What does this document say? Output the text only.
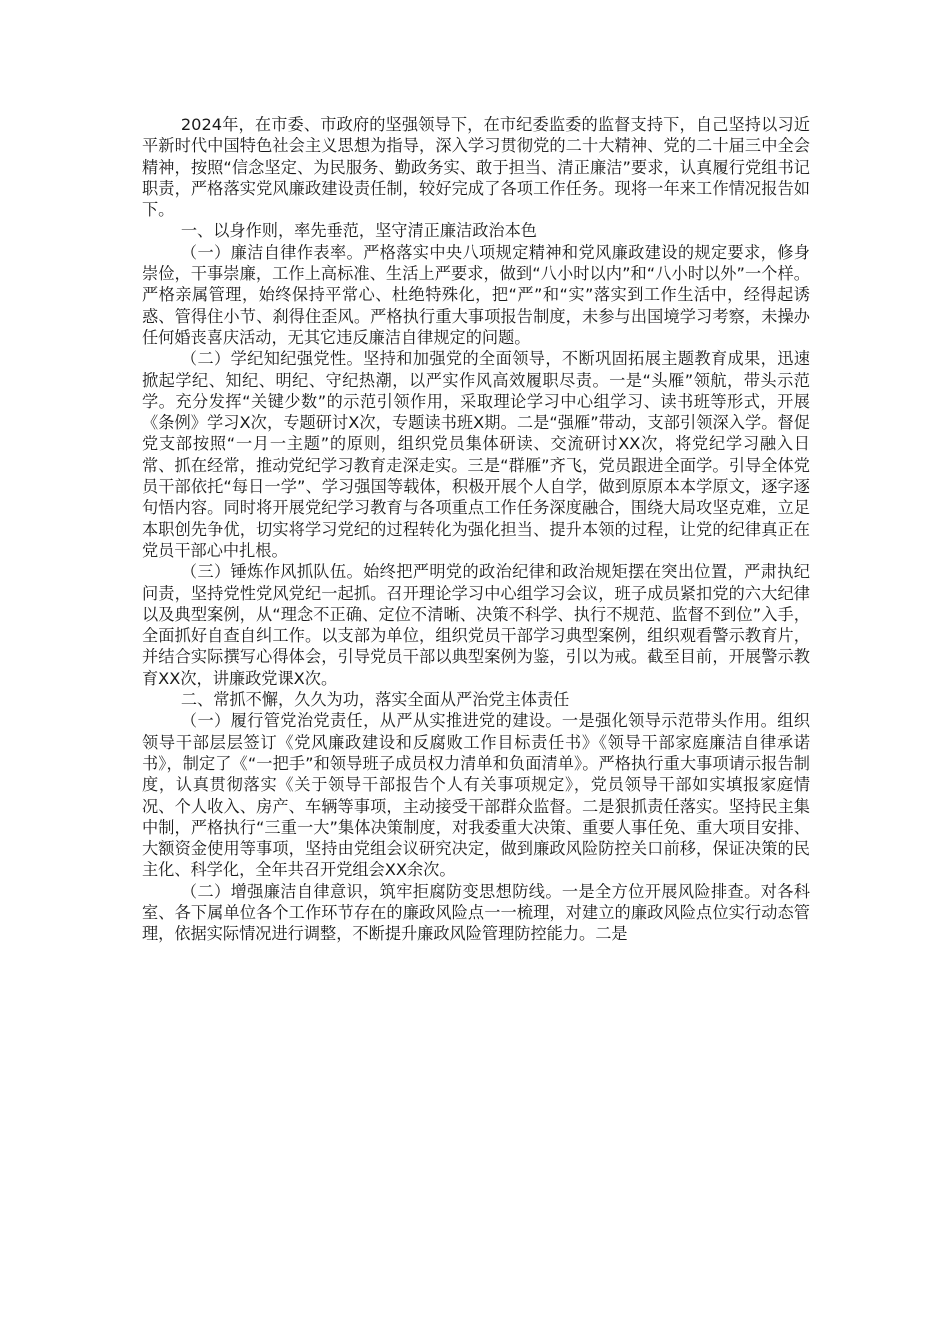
2024年，在市委、市政府的坚强领导下，在市纪委监委的监督支持下，自己坚持以习近平新时代中国特色社会主义思想为指导，深入学习贯彻党的二十大精神、党的二十届三中全会精神，按照“信念坚定、为民服务、勤政务实、敢于担当、清正廉洁”要求，认真履行党组书记职责，严格落实党风廉政建设责任制，较好完成了各项工作任务。现将一年来工作情况报告如下。

一、以身作则，率先垂范，坚守清正廉洁政治本色

（一）廉洁自律作表率。严格落实中央八项规定精神和党风廉政建设的规定要求，修身崇俭，干事崇廉，工作上高标准、生活上严要求，做到“八小时以内”和“八小时以外”一个样。严格亲属管理，始终保持平常心、杜绝特殊化，把“严”和“实”落实到工作生活中，经得起诱惑、管得住小节、刹得住歪风。严格执行重大事项报告制度，未参与出国境学习考察，未操办任何婚丧喜庆活动，无其它违反廉洁自律规定的问题。

（二）学纪知纪强党性。坚持和加强党的全面领导，不断巩固拓展主题教育成果，迅速掀起学纪、知纪、明纪、守纪热潮，以严实作风高效履职尽责。一是“头雁”领航，带头示范学。充分发挥“关键少数”的示范引领作用，采取理论学习中心组学习、读书班等形式，开展《条例》学习X次，专题研讨X次，专题读书班X期。二是“强雁”带动，支部引领深入学。督促党支部按照“一月一主题”的原则，组织党员集体研读、交流研讨XX次，将党纪学习融入日常、抓在经常，推动党纪学习教育走深走实。三是“群雁”齐飞，党员跟进全面学。引导全体党员干部依托“每日一学”、学习强国等载体，积极开展个人自学，做到原原本本学原文，逐字逐句悟内容。同时将开展党纪学习教育与各项重点工作任务深度融合，围绕大局攻坚克难，立足本职创先争优，切实将学习党纪的过程转化为强化担当、提升本领的过程，让党的纪律真正在党员干部心中扎根。

（三）锤炼作风抓队伍。始终把严明党的政治纪律和政治规矩摆在突出位置，严肃执纪问责，坚持党性党风党纪一起抓。召开理论学习中心组学习会议，班子成员紧扣党的六大纪律以及典型案例，从“理念不正确、定位不清晰、决策不科学、执行不规范、监督不到位”入手，全面抓好自查自纠工作。以支部为单位，组织党员干部学习典型案例，组织观看警示教育片，并结合实际撰写心得体会，引导党员干部以典型案例为鉴，引以为戒。截至目前，开展警示教育XX次，讲廉政党课X次。

二、常抓不懈，久久为功，落实全面从严治党主体责任

（一）履行管党治党责任，从严从实推进党的建设。一是强化领导示范带头作用。组织领导干部层层签订《党风廉政建设和反腐败工作目标责任书》《领导干部家庭廉洁自律承诺书》，制定了《“一把手”和领导班子成员权力清单和负面清单》。严格执行重大事项请示报告制度，认真贯彻落实《关于领导干部报告个人有关事项规定》，党员领导干部如实填报家庭情况、个人收入、房产、车辆等事项，主动接受干部群众监督。二是狠抓责任落实。坚持民主集中制，严格执行“三重一大”集体决策制度，对我委重大决策、重要人事任免、重大项目安排、大额资金使用等事项，坚持由党组会议研究决定，做到廉政风险防控关口前移，保证决策的民主化、科学化，全年共召开党组会XX余次。

（二）增强廉洁自律意识，筑牢拒腐防变思想防线。一是全方位开展风险排查。对各科室、各下属单位各个工作环节存在的廉政风险点一一梳理，对建立的廉政风险点位实行动态管理，依据实际情况进行调整，不断提升廉政风险管理防控能力。二是
